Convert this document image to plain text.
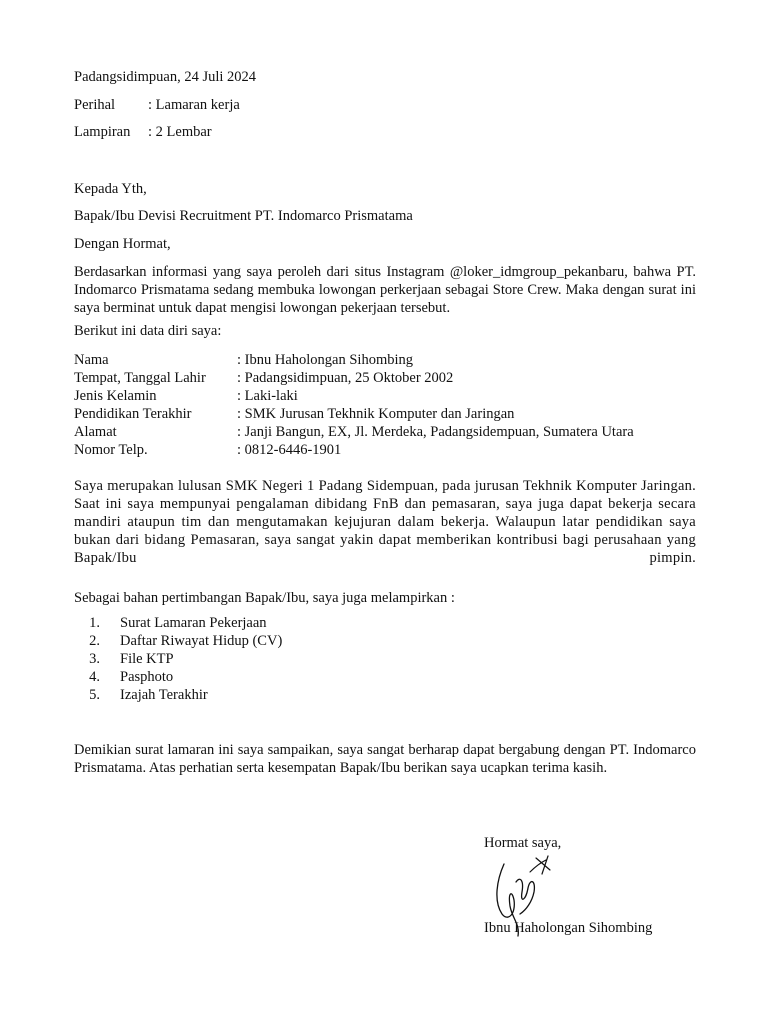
Padangsidimpuan, 24 Juli 2024
Perihal	: Lamaran kerja
Lampiran	: 2 Lembar
Kepada Yth,
Bapak/Ibu Devisi Recruitment PT. Indomarco Prismatama
Dengan Hormat,
Berdasarkan informasi yang saya peroleh dari situs Instagram @loker_idmgroup_pekanbaru, bahwa PT. Indomarco Prismatama sedang membuka lowongan perkerjaan sebagai Store Crew. Maka dengan surat ini saya berminat untuk dapat mengisi lowongan pekerjaan tersebut.
Berikut ini data diri saya:
Nama	: Ibnu Haholongan Sihombing
Tempat, Tanggal Lahir	: Padangsidimpuan, 25 Oktober 2002
Jenis Kelamin	: Laki-laki
Pendidikan Terakhir	: SMK Jurusan Tekhnik Komputer dan Jaringan
Alamat	: Janji Bangun, EX, Jl. Merdeka, Padangsidempuan, Sumatera Utara
Nomor Telp.	: 0812-6446-1901
Saya merupakan lulusan SMK Negeri 1 Padang Sidempuan, pada jurusan Tekhnik Komputer Jaringan. Saat ini saya mempunyai pengalaman dibidang FnB dan pemasaran, saya juga dapat bekerja secara mandiri ataupun tim dan mengutamakan kejujuran dalam bekerja. Walaupun latar pendidikan saya bukan dari bidang Pemasaran, saya sangat yakin dapat memberikan kontribusi bagi perusahaan yang Bapak/Ibu pimpin.
Sebagai bahan pertimbangan Bapak/Ibu, saya juga melampirkan :
1. Surat Lamaran Pekerjaan
2. Daftar Riwayat Hidup (CV)
3. File KTP
4. Pasphoto
5. Izajah Terakhir
Demikian surat lamaran ini saya sampaikan, saya sangat berharap dapat bergabung dengan PT. Indomarco Prismatama. Atas perhatian serta kesempatan Bapak/Ibu berikan saya ucapkan terima kasih.
Hormat saya,
Ibnu Haholongan Sihombing
